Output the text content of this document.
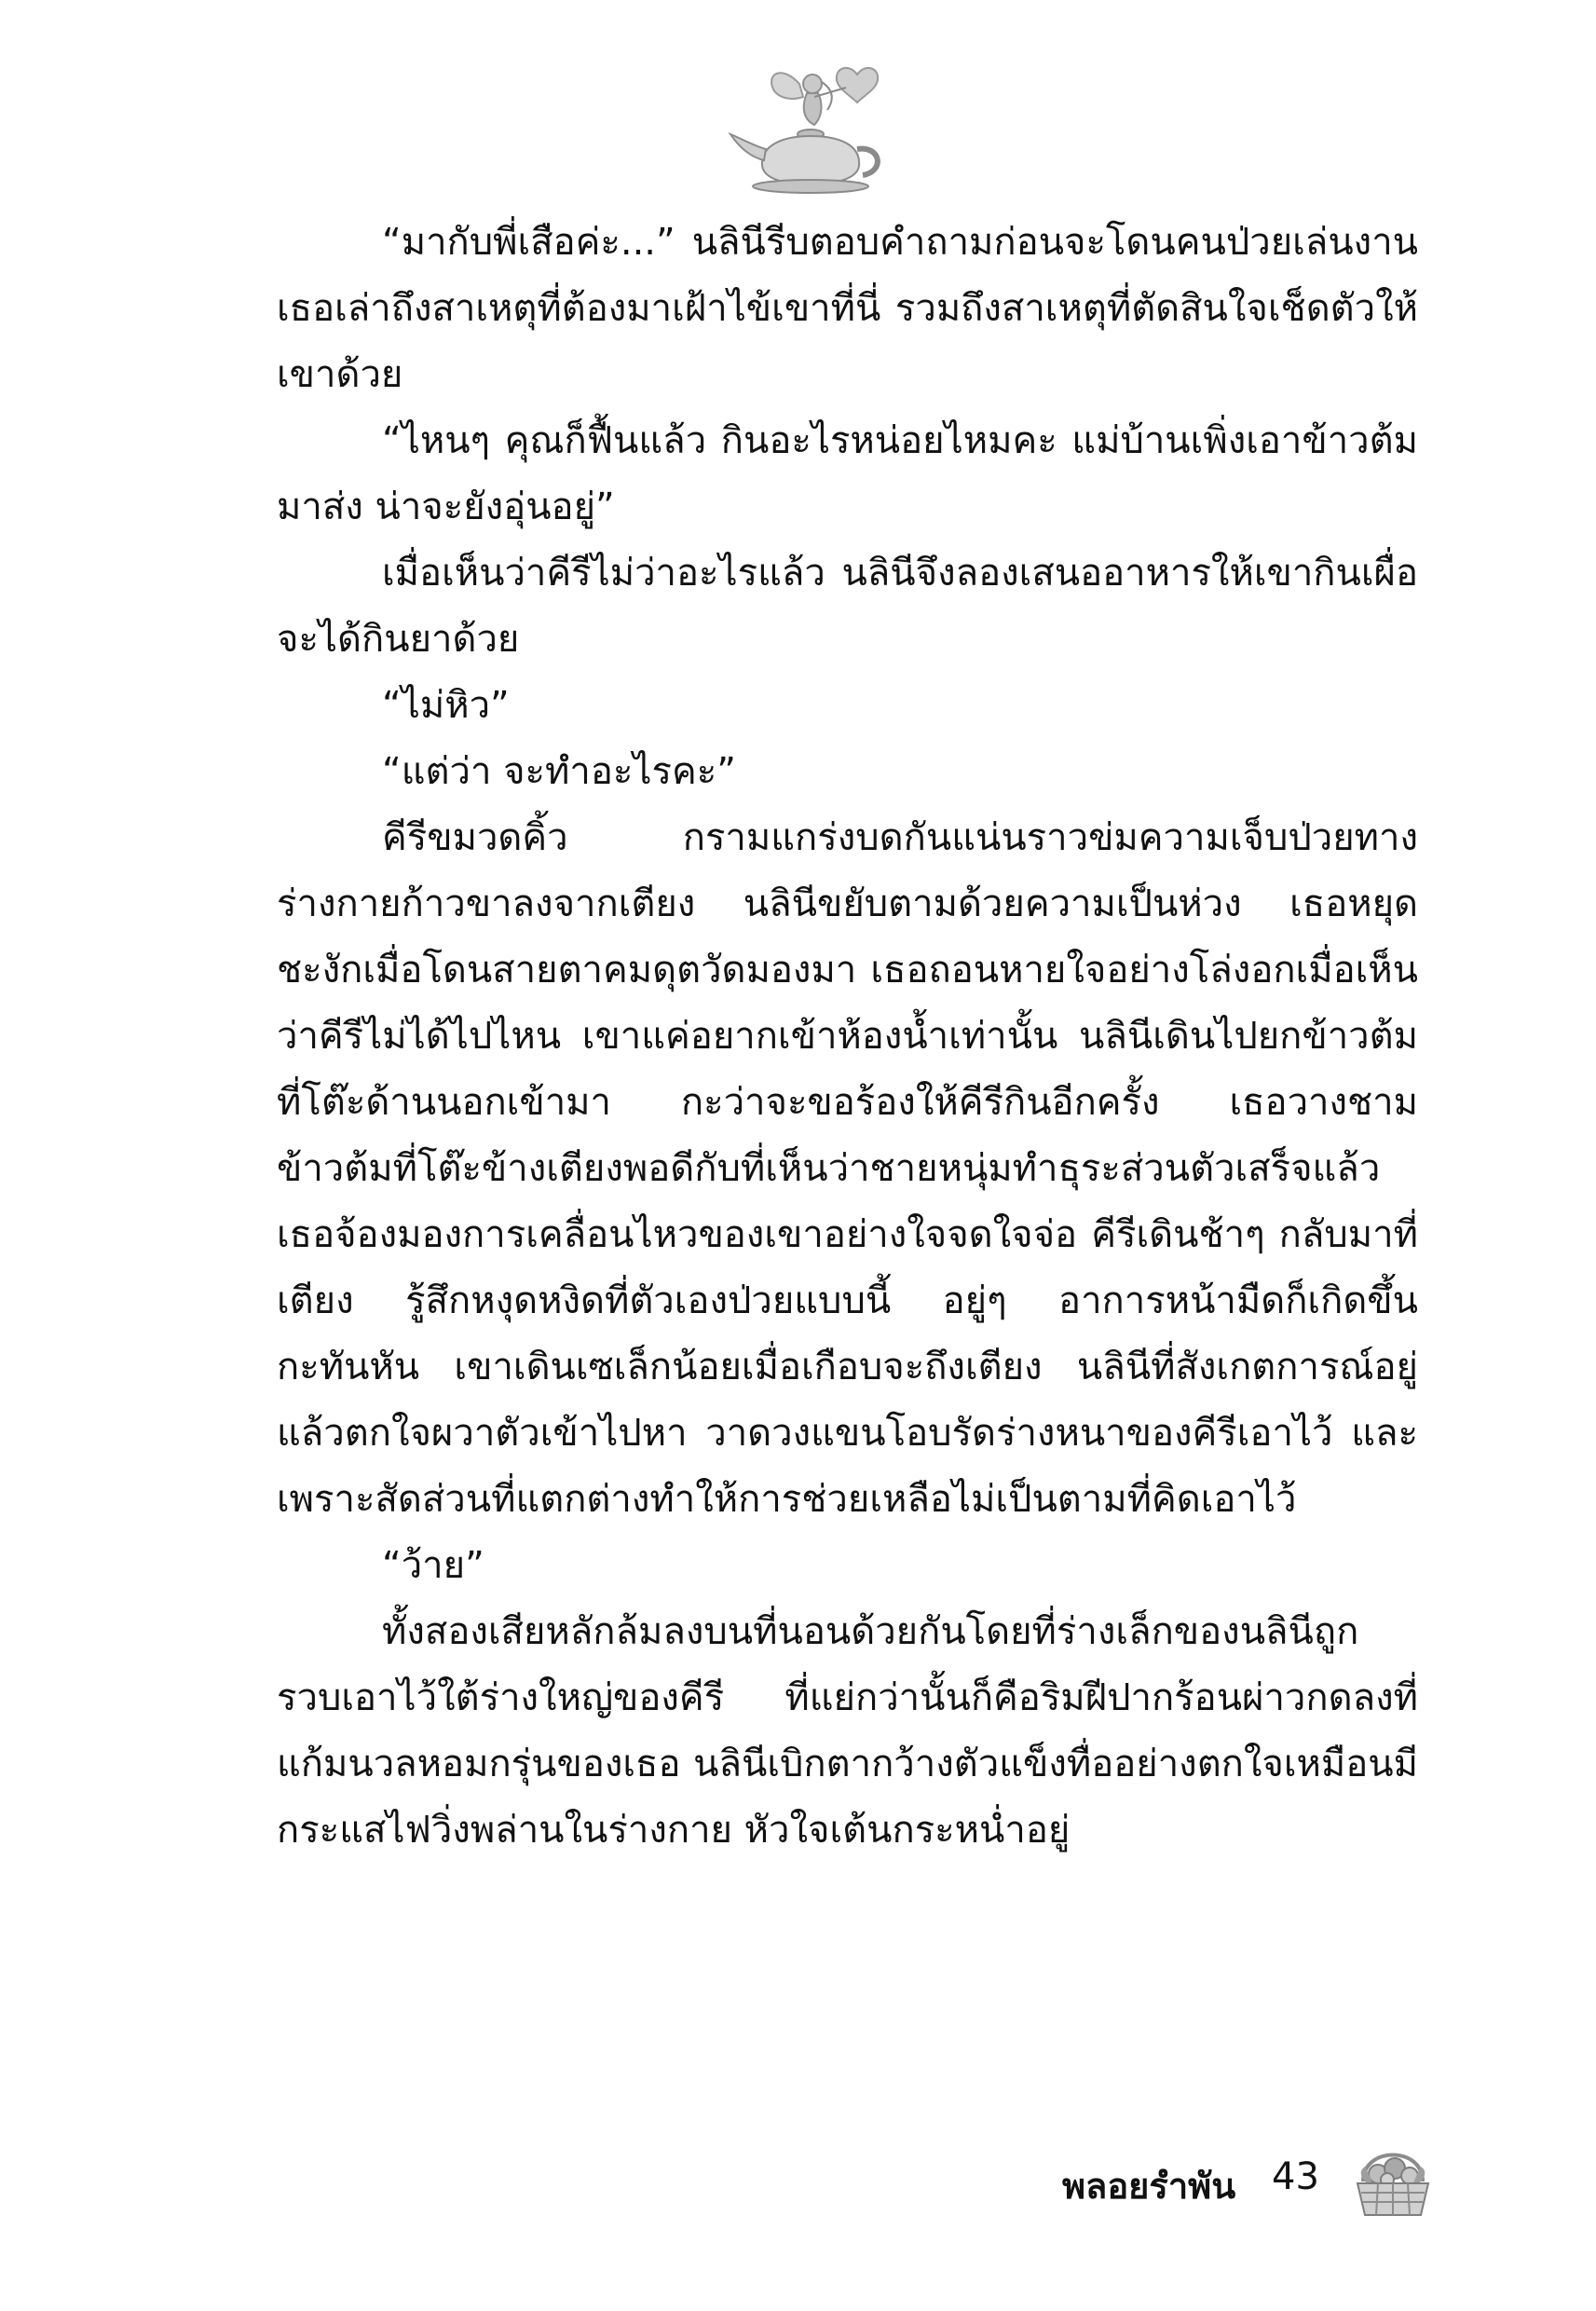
“มากับพี่เสือค่ะ...” นลินีรีบตอบคำถามก่อนจะโดนคนป่วยเล่นงาน เธอเล่าถึงสาเหตุที่ต้องมาเฝ้าไข้เขาที่นี่ รวมถึงสาเหตุที่ตัดสินใจเช็ดตัวให้เขาด้วย

“ไหนๆ คุณก็ฟื้นแล้ว กินอะไรหน่อยไหมคะ แม่บ้านเพิ่งเอาข้าวต้มมาส่ง น่าจะยังอุ่นอยู่”

เมื่อเห็นว่าคีรีไม่ว่าอะไรแล้ว นลินีจึงลองเสนออาหารให้เขากินเผื่อจะได้กินยาด้วย

“ไม่หิว”

“แต่ว่า จะทำอะไรคะ”

คีรีขมวดคิ้ว กรามแกร่งบดกันแน่นราวข่มความเจ็บป่วยทางร่างกายก้าวขาลงจากเตียง นลินีขยับตามด้วยความเป็นห่วง เธอหยุดชะงักเมื่อโดนสายตาคมดุตวัดมองมา เธอถอนหายใจอย่างโล่งอกเมื่อเห็นว่าคีรีไม่ได้ไปไหน เขาแค่อยากเข้าห้องน้ำเท่านั้น นลินีเดินไปยกข้าวต้มที่โต๊ะด้านนอกเข้ามา กะว่าจะขอร้องให้คีรีกินอีกครั้ง เธอวางชามข้าวต้มที่โต๊ะข้างเตียงพอดีกับที่เห็นว่าชายหนุ่มทำธุระส่วนตัวเสร็จแล้ว เธอจ้องมองการเคลื่อนไหวของเขาอย่างใจจดใจจ่อ คีรีเดินช้าๆ กลับมาที่เตียง รู้สึกหงุดหงิดที่ตัวเองป่วยแบบนี้ อยู่ๆ อาการหน้ามืดก็เกิดขึ้นกะทันหัน เขาเดินเซเล็กน้อยเมื่อเกือบจะถึงเตียง นลินีที่สังเกตการณ์อยู่แล้วตกใจผวาตัวเข้าไปหา วาดวงแขนโอบรัดร่างหนาของคีรีเอาไว้ และเพราะสัดส่วนที่แตกต่างทำให้การช่วยเหลือไม่เป็นตามที่คิดเอาไว้

“ว้าย”

ทั้งสองเสียหลักล้มลงบนที่นอนด้วยกันโดยที่ร่างเล็กของนลินีถูกรวบเอาไว้ใต้ร่างใหญ่ของคีรี ที่แย่กว่านั้นก็คือริมฝีปากร้อนผ่าวกดลงที่แก้มนวลหอมกรุ่นของเธอ นลินีเบิกตากว้างตัวแข็งทื่ออย่างตกใจเหมือนมีกระแสไฟวิ่งพล่านในร่างกาย หัวใจเต้นกระหน่ำอยู่

พลอยรำพัน 43
